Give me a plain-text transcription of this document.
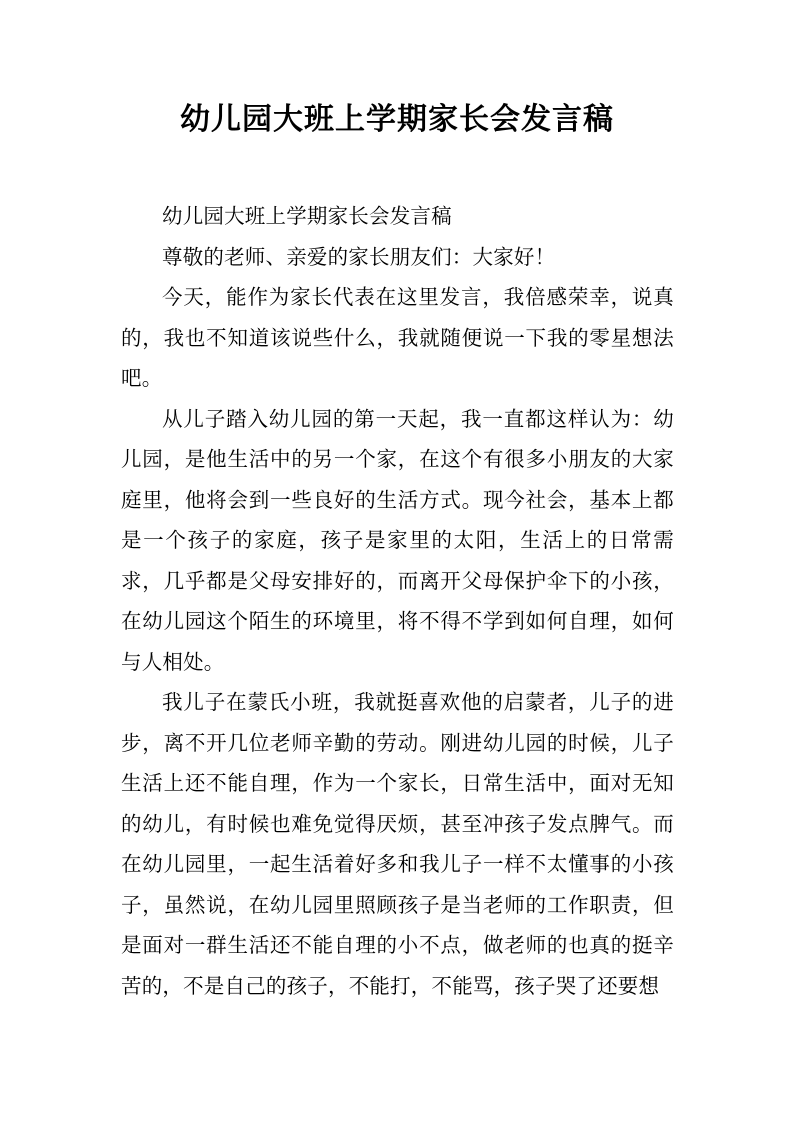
幼儿园大班上学期家长会发言稿

幼儿园大班上学期家长会发言稿

尊敬的老师、亲爱的家长朋友们：大家好！

今天，能作为家长代表在这里发言，我倍感荣幸，说真的，我也不知道该说些什么，我就随便说一下我的零星想法吧。

从儿子踏入幼儿园的第一天起，我一直都这样认为：幼儿园，是他生活中的另一个家，在这个有很多小朋友的大家庭里，他将会到一些良好的生活方式。现今社会，基本上都是一个孩子的家庭，孩子是家里的太阳，生活上的日常需求，几乎都是父母安排好的，而离开父母保护伞下的小孩，在幼儿园这个陌生的环境里，将不得不学到如何自理，如何与人相处。

我儿子在蒙氏小班，我就挺喜欢他的启蒙者，儿子的进步，离不开几位老师辛勤的劳动。刚进幼儿园的时候，儿子生活上还不能自理，作为一个家长，日常生活中，面对无知的幼儿，有时候也难免觉得厌烦，甚至冲孩子发点脾气。而在幼儿园里，一起生活着好多和我儿子一样不太懂事的小孩子，虽然说，在幼儿园里照顾孩子是当老师的工作职责，但是面对一群生活还不能自理的小不点，做老师的也真的挺辛苦的，不是自己的孩子，不能打，不能骂，孩子哭了还要想
